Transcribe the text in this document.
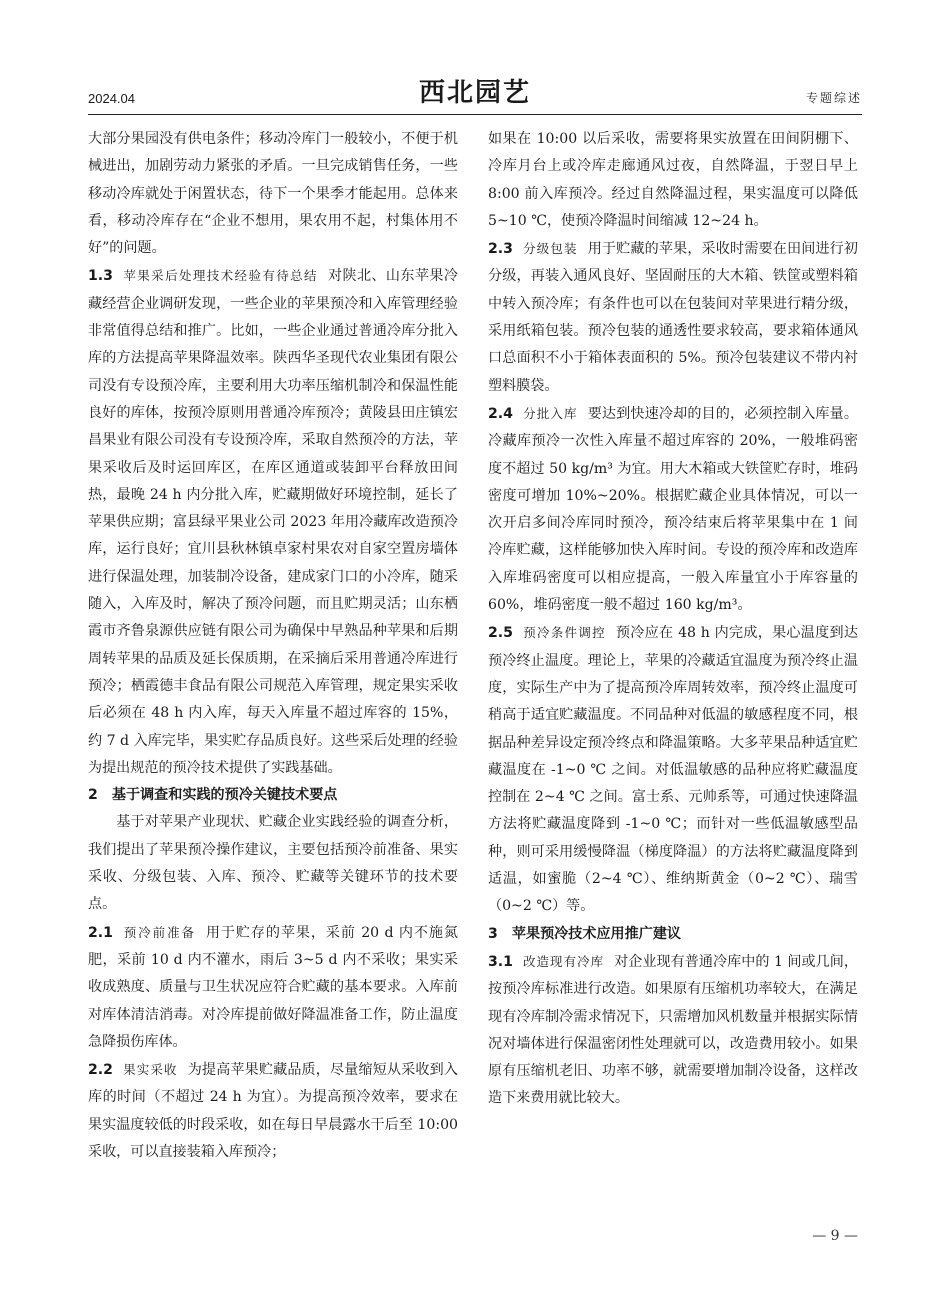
2024.04	西北园艺	专题综述

大部分果园没有供电条件；移动冷库门一般较小，不便于机械进出，加剧劳动力紧张的矛盾。一旦完成销售任务，一些移动冷库就处于闲置状态，待下一个果季才能起用。总体来看，移动冷库存在“企业不想用，果农用不起，村集体用不好”的问题。

1.3 苹果采后处理技术经验有待总结 对陕北、山东苹果冷藏经营企业调研发现，一些企业的苹果预冷和入库管理经验非常值得总结和推广。比如，一些企业通过普通冷库分批入库的方法提高苹果降温效率。陕西华圣现代农业集团有限公司没有专设预冷库，主要利用大功率压缩机制冷和保温性能良好的库体，按预冷原则用普通冷库预冷；黄陵县田庄镇宏昌果业有限公司没有专设预冷库，采取自然预冷的方法，苹果采收后及时运回库区，在库区通道或装卸平台释放田间热，最晚 24 h 内分批入库，贮藏期做好环境控制，延长了苹果供应期；富县绿平果业公司 2023 年用冷藏库改造预冷库，运行良好；宜川县秋林镇卓家村果农对自家空置房墙体进行保温处理，加装制冷设备，建成家门口的小冷库，随采随入，入库及时，解决了预冷问题，而且贮期灵活；山东栖霞市齐鲁泉源供应链有限公司为确保中早熟品种苹果和后期周转苹果的品质及延长保质期，在采摘后采用普通冷库进行预冷；栖霞德丰食品有限公司规范入库管理，规定果实采收后必须在 48 h 内入库，每天入库量不超过库容的 15%，约 7 d 入库完毕，果实贮存品质良好。这些采后处理的经验为提出规范的预冷技术提供了实践基础。

2　基于调查和实践的预冷关键技术要点

基于对苹果产业现状、贮藏企业实践经验的调查分析，我们提出了苹果预冷操作建议，主要包括预冷前准备、果实采收、分级包装、入库、预冷、贮藏等关键环节的技术要点。

2.1 预冷前准备 用于贮存的苹果，采前 20 d 内不施氮肥，采前 10 d 内不灌水，雨后 3~5 d 内不采收；果实采收成熟度、质量与卫生状况应符合贮藏的基本要求。入库前对库体清洁消毒。对冷库提前做好降温准备工作，防止温度急降损伤库体。

2.2 果实采收 为提高苹果贮藏品质，尽量缩短从采收到入库的时间（不超过 24 h 为宜）。为提高预冷效率，要求在果实温度较低的时段采收，如在每日早晨露水干后至 10:00 采收，可以直接装箱入库预冷；

如果在 10:00 以后采收，需要将果实放置在田间阴棚下、冷库月台上或冷库走廊通风过夜，自然降温，于翌日早上 8:00 前入库预冷。经过自然降温过程，果实温度可以降低 5~10 ℃，使预冷降温时间缩减 12~24 h。

2.3 分级包装 用于贮藏的苹果，采收时需要在田间进行初分级，再装入通风良好、坚固耐压的大木箱、铁筐或塑料箱中转入预冷库；有条件也可以在包装间对苹果进行精分级，采用纸箱包装。预冷包装的通透性要求较高，要求箱体通风口总面积不小于箱体表面积的 5%。预冷包装建议不带内衬塑料膜袋。

2.4 分批入库 要达到快速冷却的目的，必须控制入库量。冷藏库预冷一次性入库量不超过库容的 20%，一般堆码密度不超过 50 kg/m³ 为宜。用大木箱或大铁筐贮存时，堆码密度可增加 10%~20%。根据贮藏企业具体情况，可以一次开启多间冷库同时预冷，预冷结束后将苹果集中在 1 间冷库贮藏，这样能够加快入库时间。专设的预冷库和改造库入库堆码密度可以相应提高，一般入库量宜小于库容量的 60%，堆码密度一般不超过 160 kg/m³。

2.5 预冷条件调控 预冷应在 48 h 内完成，果心温度到达预冷终止温度。理论上，苹果的冷藏适宜温度为预冷终止温度，实际生产中为了提高预冷库周转效率，预冷终止温度可稍高于适宜贮藏温度。不同品种对低温的敏感程度不同，根据品种差异设定预冷终点和降温策略。大多苹果品种适宜贮藏温度在 -1~0 ℃ 之间。对低温敏感的品种应将贮藏温度控制在 2~4 ℃ 之间。富士系、元帅系等，可通过快速降温方法将贮藏温度降到 -1~0 ℃；而针对一些低温敏感型品种，则可采用缓慢降温（梯度降温）的方法将贮藏温度降到适温，如蜜脆（2~4 ℃）、维纳斯黄金（0~2 ℃）、瑞雪（0~2 ℃）等。

3　苹果预冷技术应用推广建议

3.1 改造现有冷库 对企业现有普通冷库中的 1 间或几间，按预冷库标准进行改造。如果原有压缩机功率较大，在满足现有冷库制冷需求情况下，只需增加风机数量并根据实际情况对墙体进行保温密闭性处理就可以，改造费用较小。如果原有压缩机老旧、功率不够，就需要增加制冷设备，这样改造下来费用就比较大。

— 9 —
